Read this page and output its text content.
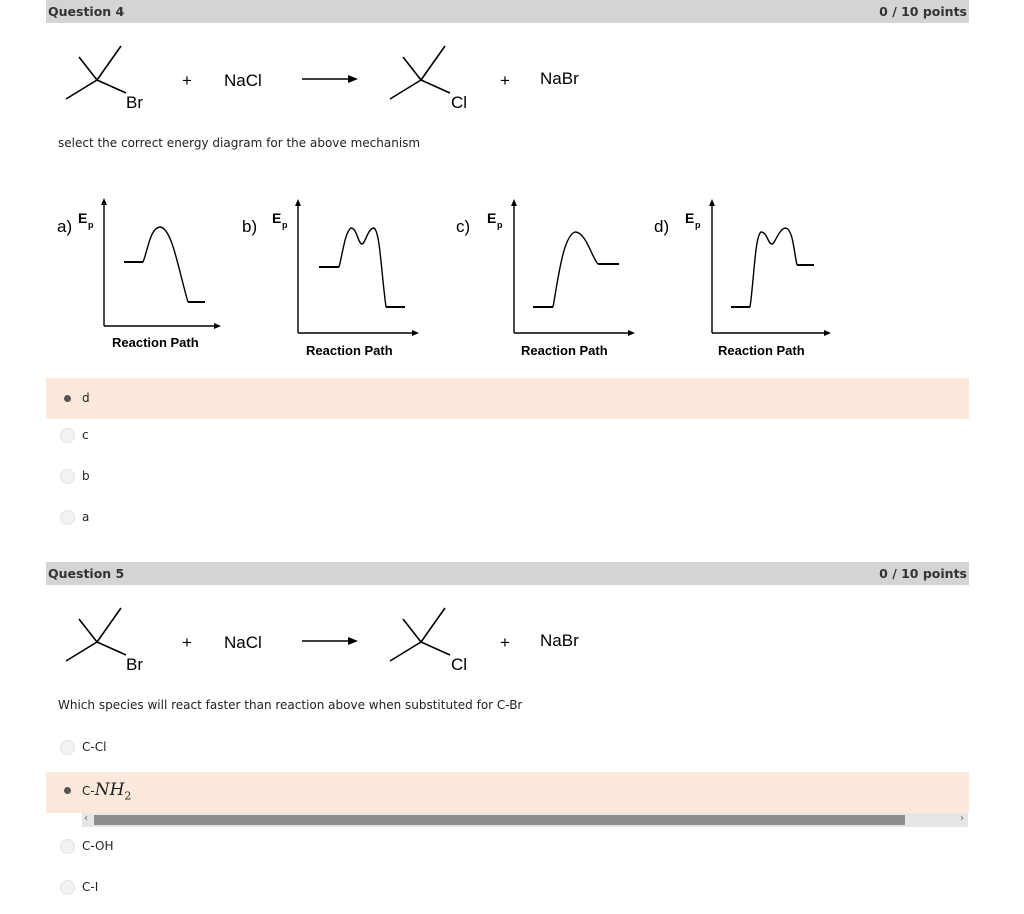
Question 4	0 / 10 points
Br
+ NaCl
Cl
+ NaBr
a) E p
Reaction Path
b) E p
Reaction Path
c) E p
Reaction Path
d) E p
Reaction Path
Br
+ NaCl
Cl
+ NaBr
select the correct energy diagram for the above mechanism
d
c
b
a
Question 5	0 / 10 points
Which species will react faster than reaction above when substituted for C-Br
C-Cl
$C-NH_2$
‹	›
C-OH
C-I
